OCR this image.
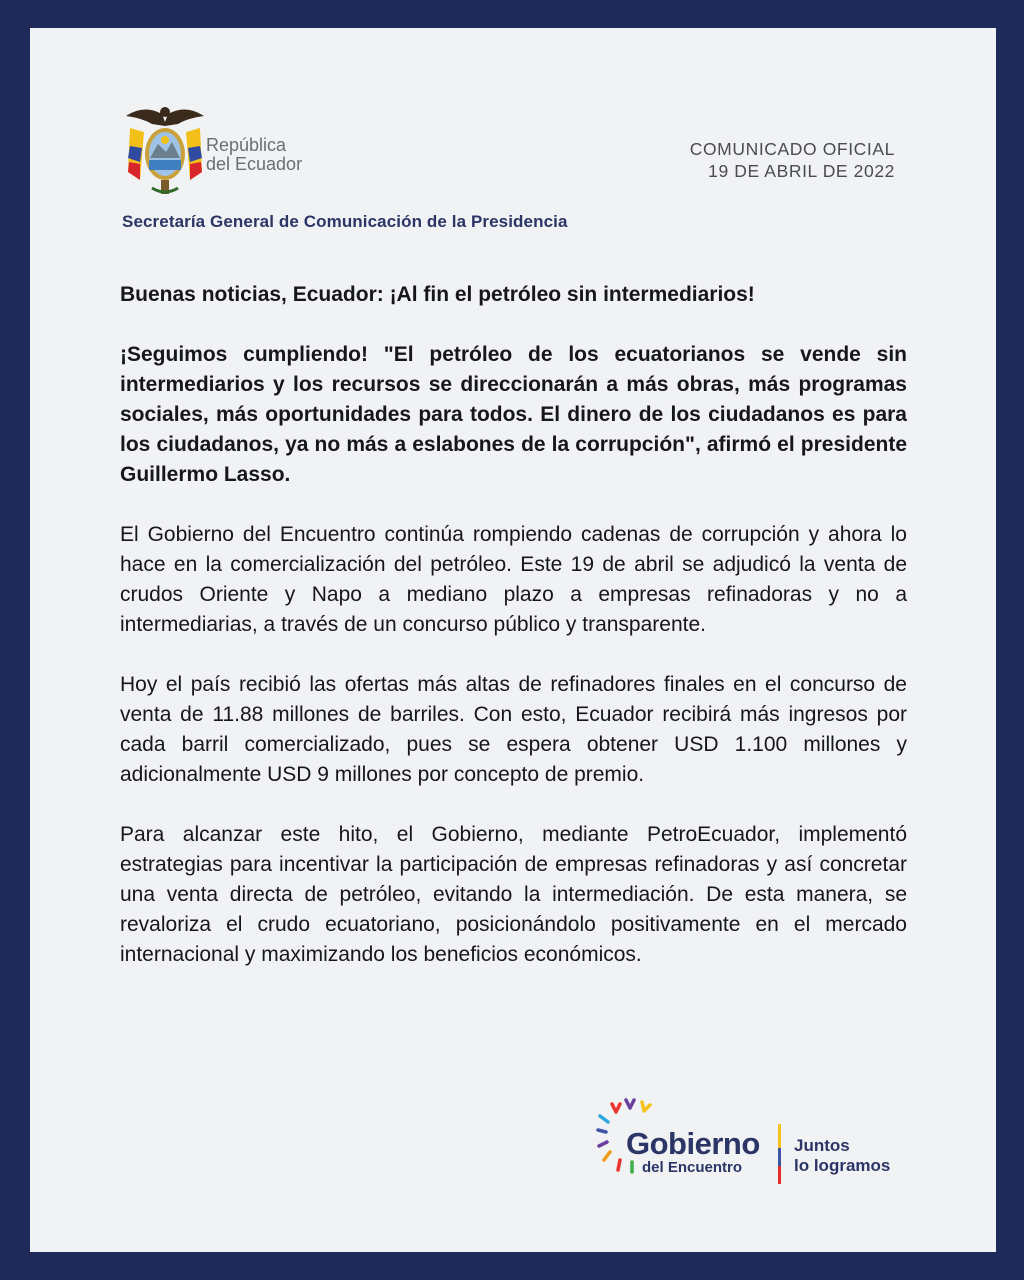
República
del Ecuador
COMUNICADO OFICIAL
19 DE ABRIL DE 2022
Secretaría General de Comunicación de la Presidencia

Buenas noticias, Ecuador: ¡Al fin el petróleo sin intermediarios!

¡Seguimos cumpliendo! "El petróleo de los ecuatorianos se vende sin intermediarios y los recursos se direccionarán a más obras, más programas sociales, más oportunidades para todos. El dinero de los ciudadanos es para los ciudadanos, ya no más a eslabones de la corrupción", afirmó el presidente Guillermo Lasso.

El Gobierno del Encuentro continúa rompiendo cadenas de corrupción y ahora lo hace en la comercialización del petróleo. Este 19 de abril se adjudicó la venta de crudos Oriente y Napo a mediano plazo a empresas refinadoras y no a intermediarias, a través de un concurso público y transparente.

Hoy el país recibió las ofertas más altas de refinadores finales en el concurso de venta de 11.88 millones de barriles. Con esto, Ecuador recibirá más ingresos por cada barril comercializado, pues se espera obtener USD 1.100 millones y adicionalmente USD 9 millones por concepto de premio.

Para alcanzar este hito, el Gobierno, mediante PetroEcuador, implementó estrategias para incentivar la participación de empresas refinadoras y así concretar una venta directa de petróleo, evitando la intermediación. De esta manera, se revaloriza el crudo ecuatoriano, posicionándolo positivamente en el mercado internacional y maximizando los beneficios económicos.

Gobierno
del Encuentro
Juntos
lo logramos
